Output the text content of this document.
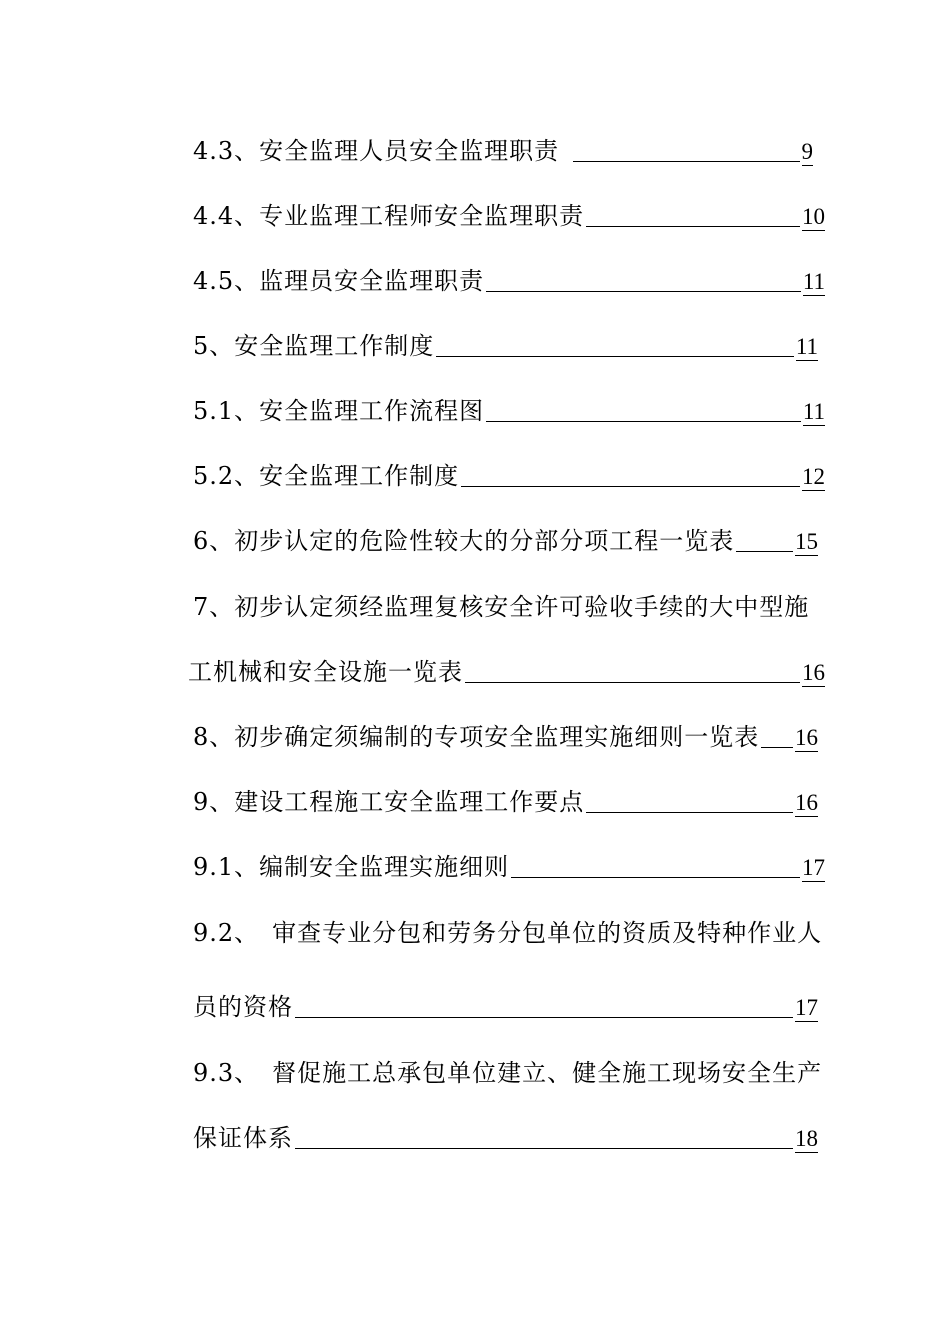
4.3、安全监理人员安全监理职责	9
4.4、专业监理工程师安全监理职责	10
4.5、监理员安全监理职责	11
5、安全监理工作制度	11
5.1、安全监理工作流程图	11
5.2、安全监理工作制度	12
6、初步认定的危险性较大的分部分项工程一览表	15
7、初步认定须经监理复核安全许可验收手续的大中型施
工机械和安全设施一览表	16
8、初步确定须编制的专项安全监理实施细则一览表 16
9、建设工程施工安全监理工作要点	16
9.1、编制安全监理实施细则	17
9.2、　审查专业分包和劳务分包单位的资质及特种作业人
员的资格	17
9.3、　督促施工总承包单位建立、健全施工现场安全生产
保证体系	18
